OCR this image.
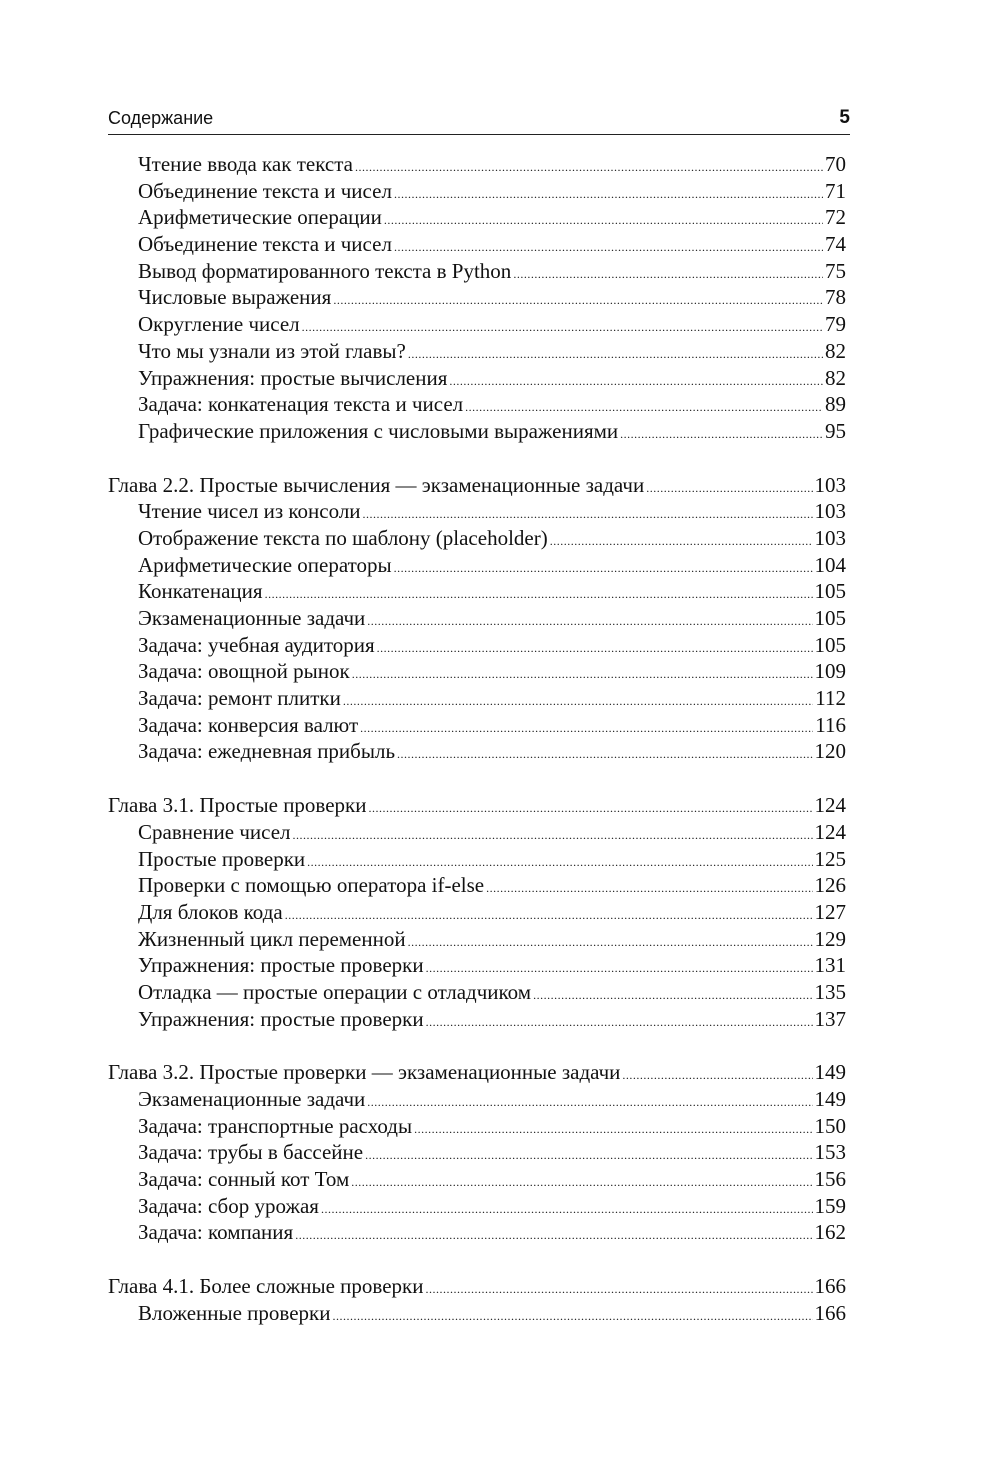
Содержание	5
Чтение ввода как текста .....	70
Объединение текста и чисел .....	71
Арифметические операции .....	72
Объединение текста и чисел .....	74
Вывод форматированного текста в Python .....	75
Числовые выражения .....	78
Округление чисел .....	79
Что мы узнали из этой главы? .....	82
Упражнения: простые вычисления .....	82
Задача: конкатенация текста и чисел .....	89
Графические приложения с числовыми выражениями .....	95
Глава 2.2. Простые вычисления — экзаменационные задачи .....	103
Чтение чисел из консоли .....	103
Отображение текста по шаблону (placeholder) .....	103
Арифметические операторы .....	104
Конкатенация .....	105
Экзаменационные задачи .....	105
Задача: учебная аудитория .....	105
Задача: овощной рынок .....	109
Задача: ремонт плитки .....	112
Задача: конверсия валют .....	116
Задача: ежедневная прибыль .....	120
Глава 3.1. Простые проверки .....	124
Сравнение чисел .....	124
Простые проверки .....	125
Проверки с помощью оператора if-else .....	126
Для блоков кода .....	127
Жизненный цикл переменной .....	129
Упражнения: простые проверки .....	131
Отладка — простые операции с отладчиком .....	135
Упражнения: простые проверки .....	137
Глава 3.2. Простые проверки — экзаменационные задачи .....	149
Экзаменационные задачи .....	149
Задача: транспортные расходы .....	150
Задача: трубы в бассейне .....	153
Задача: сонный кот Том .....	156
Задача: сбор урожая .....	159
Задача: компания .....	162
Глава 4.1. Более сложные проверки .....	166
Вложенные проверки .....	166
